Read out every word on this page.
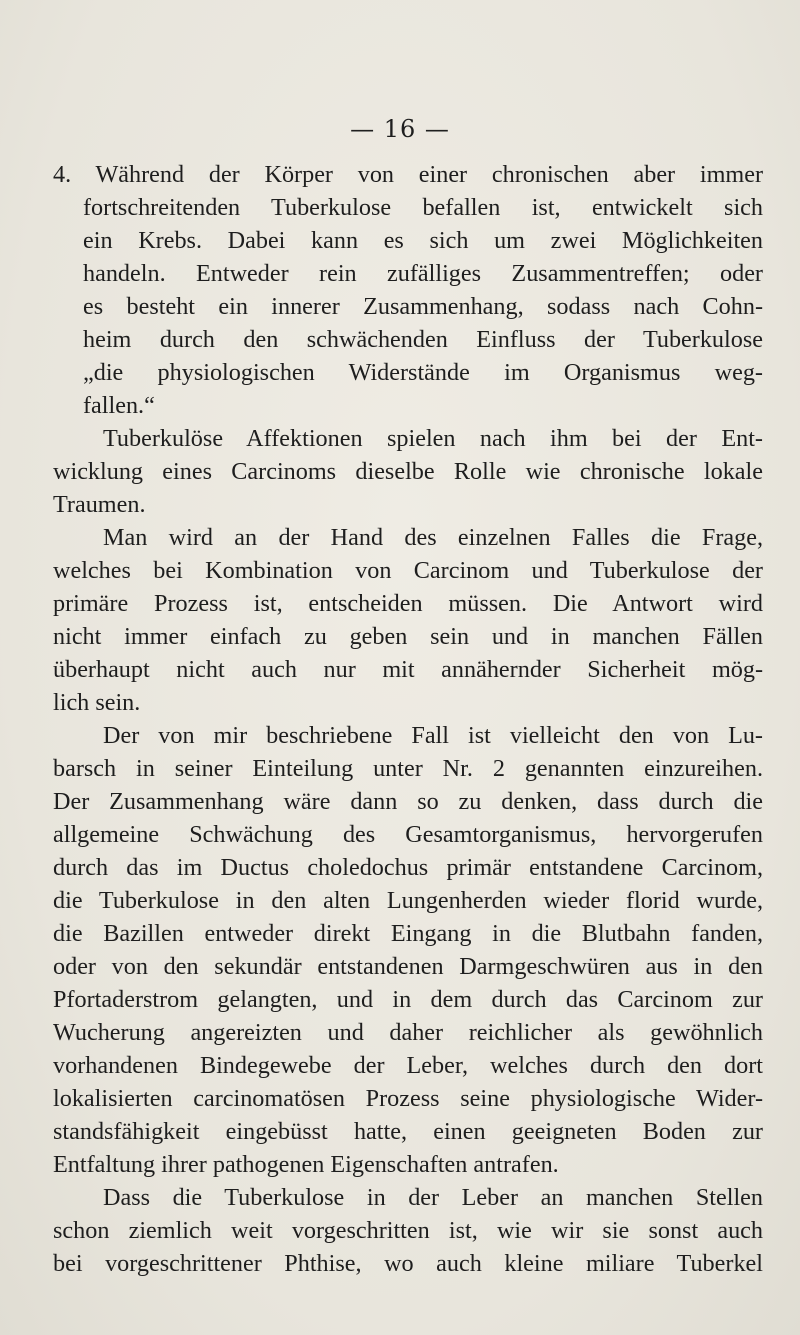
— 16 —
4. Während der Körper von einer chronischen aber immer
fortschreitenden Tuberkulose befallen ist, entwickelt sich
ein Krebs. Dabei kann es sich um zwei Möglichkeiten
handeln. Entweder rein zufälliges Zusammentreffen; oder
es besteht ein innerer Zusammenhang, sodass nach Cohn-
heim durch den schwächenden Einfluss der Tuberkulose
„die physiologischen Widerstände im Organismus weg-
fallen.“
Tuberkulöse Affektionen spielen nach ihm bei der Ent-
wicklung eines Carcinoms dieselbe Rolle wie chronische lokale
Traumen.
Man wird an der Hand des einzelnen Falles die Frage,
welches bei Kombination von Carcinom und Tuberkulose der
primäre Prozess ist, entscheiden müssen. Die Antwort wird
nicht immer einfach zu geben sein und in manchen Fällen
überhaupt nicht auch nur mit annähernder Sicherheit mög-
lich sein.
Der von mir beschriebene Fall ist vielleicht den von Lu-
barsch in seiner Einteilung unter Nr. 2 genannten einzureihen.
Der Zusammenhang wäre dann so zu denken, dass durch die
allgemeine Schwächung des Gesamtorganismus, hervorgerufen
durch das im Ductus choledochus primär entstandene Carcinom,
die Tuberkulose in den alten Lungenherden wieder florid wurde,
die Bazillen entweder direkt Eingang in die Blutbahn fanden,
oder von den sekundär entstandenen Darmgeschwüren aus in den
Pfortaderstrom gelangten, und in dem durch das Carcinom zur
Wucherung angereizten und daher reichlicher als gewöhnlich
vorhandenen Bindegewebe der Leber, welches durch den dort
lokalisierten carcinomatösen Prozess seine physiologische Wider-
standsfähigkeit eingebüsst hatte, einen geeigneten Boden zur
Entfaltung ihrer pathogenen Eigenschaften antrafen.
Dass die Tuberkulose in der Leber an manchen Stellen
schon ziemlich weit vorgeschritten ist, wie wir sie sonst auch
bei vorgeschrittener Phthise, wo auch kleine miliare Tuberkel
